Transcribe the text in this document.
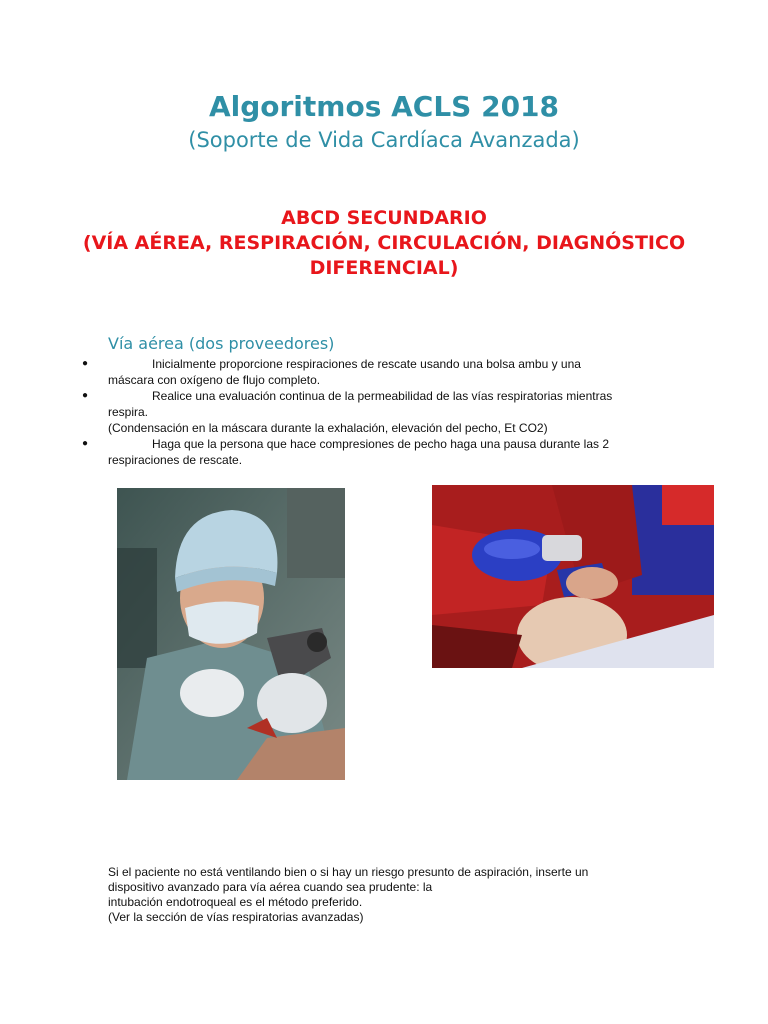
Algoritmos ACLS 2018
(Soporte de Vida Cardíaca Avanzada)
ABCD SECUNDARIO
(VÍA AÉREA, RESPIRACIÓN, CIRCULACIÓN, DIAGNÓSTICO
DIFERENCIAL)
Vía aérea (dos proveedores)
●	Inicialmente proporcione respiraciones de rescate usando una bolsa ambu y una
máscara con oxígeno de flujo completo.
●	Realice una evaluación continua de la permeabilidad de las vías respiratorias mientras
respira.
(Condensación en la máscara durante la exhalación, elevación del pecho, Et CO2)
●	Haga que la persona que hace compresiones de pecho haga una pausa durante las 2
respiraciones de rescate.
Si el paciente no está ventilando bien o si hay un riesgo presunto de aspiración, inserte un
dispositivo avanzado para vía aérea cuando sea prudente: la
intubación endotroqueal es el método preferido.
(Ver la sección de vías respiratorias avanzadas)
